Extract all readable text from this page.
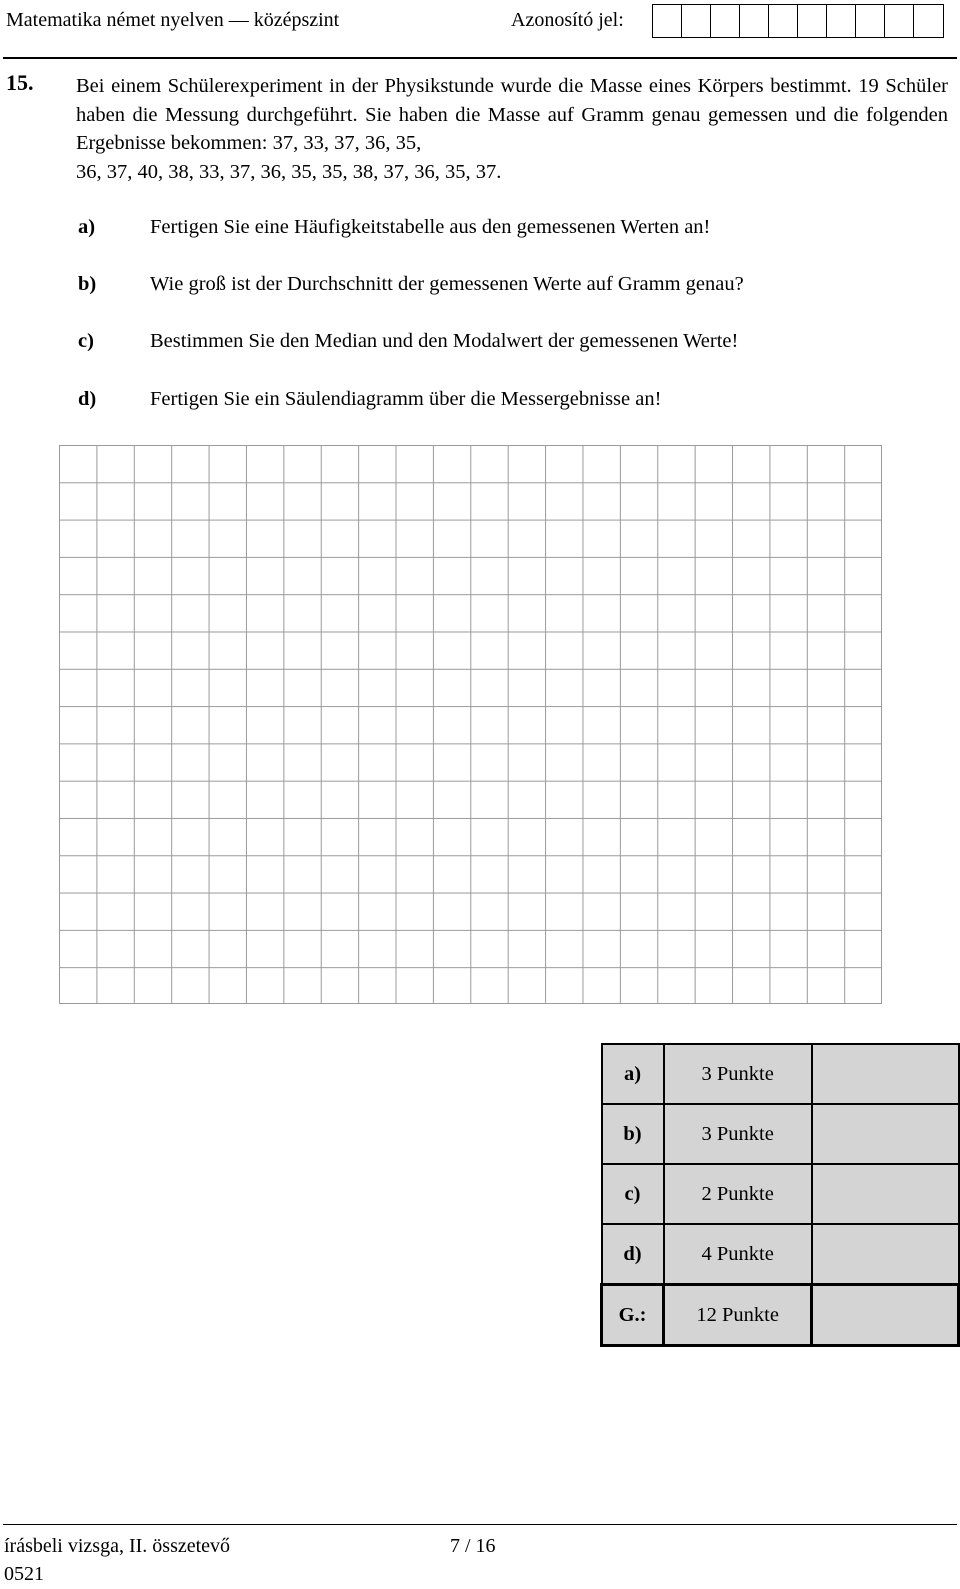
Matematika német nyelven — középszint	Azonosító jel:
15. Bei einem Schülerexperiment in der Physikstunde wurde die Masse eines Körpers bestimmt. 19 Schüler haben die Messung durchgeführt. Sie haben die Masse auf Gramm genau gemessen und die folgenden Ergebnisse bekommen: 37, 33, 37, 36, 35,
36, 37, 40, 38, 33, 37, 36, 35, 35, 38, 37, 36, 35, 37.

a)	Fertigen Sie eine Häufigkeitstabelle aus den gemessenen Werten an!
b)	Wie groß ist der Durchschnitt der gemessenen Werte auf Gramm genau?
c)	Bestimmen Sie den Median und den Modalwert der gemessenen Werte!
d)	Fertigen Sie ein Säulendiagramm über die Messergebnisse an!
a)	3 Punkte	
b)	3 Punkte	
c)	2 Punkte	
d)	4 Punkte	
G.:	12 Punkte	
írásbeli vizsga, II. összetevő	7 / 16
0521
